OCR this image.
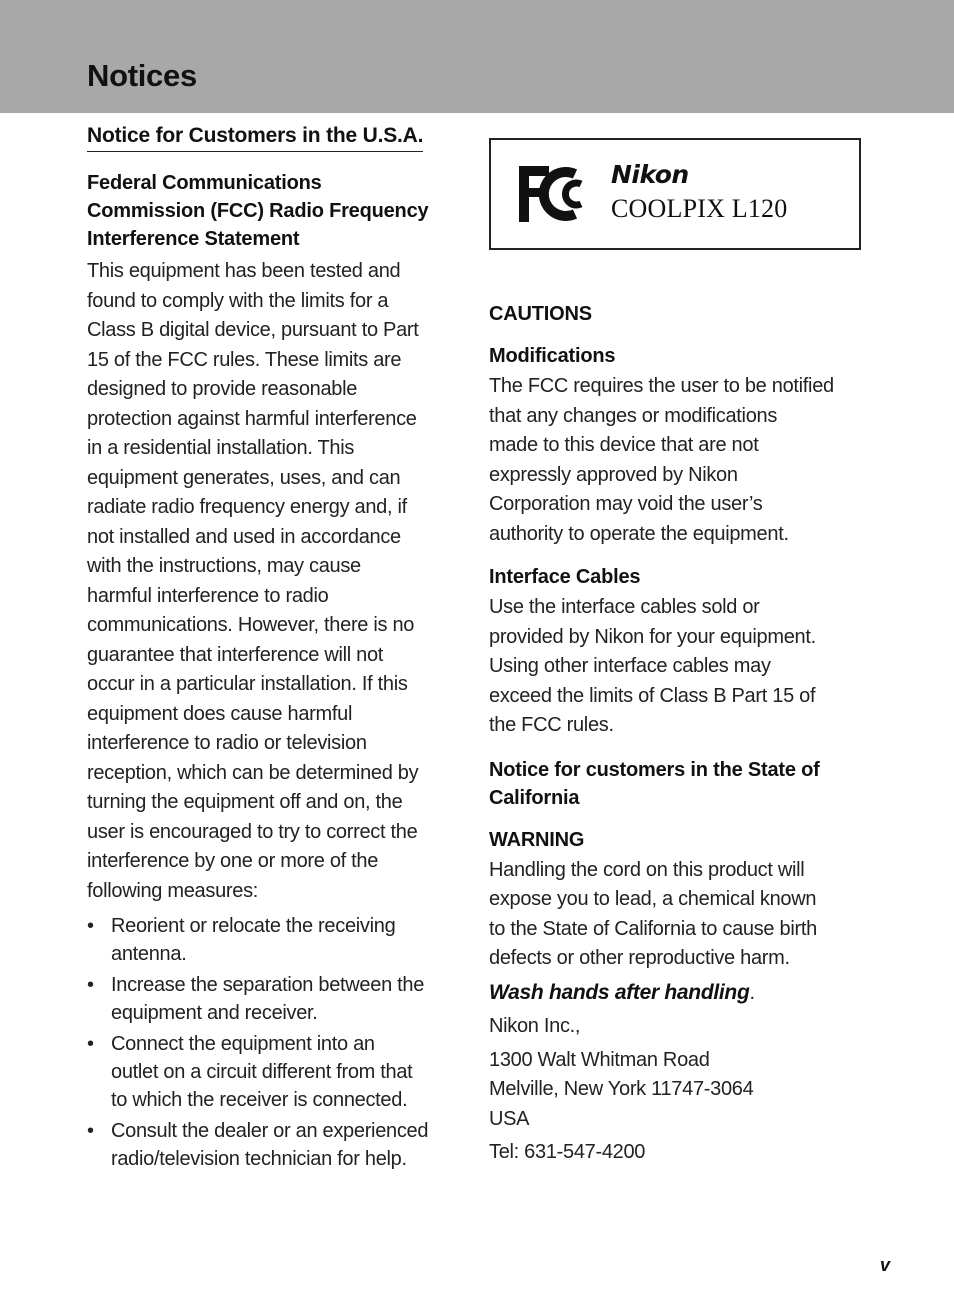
Notices
Notice for Customers in the U.S.A.
Federal Communications
Commission (FCC) Radio Frequency
Interference Statement
This equipment has been tested and
found to comply with the limits for a
Class B digital device, pursuant to Part
15 of the FCC rules. These limits are
designed to provide reasonable
protection against harmful interference
in a residential installation. This
equipment generates, uses, and can
radiate radio frequency energy and, if
not installed and used in accordance
with the instructions, may cause
harmful interference to radio
communications. However, there is no
guarantee that interference will not
occur in a particular installation. If this
equipment does cause harmful
interference to radio or television
reception, which can be determined by
turning the equipment off and on, the
user is encouraged to try to correct the
interference by one or more of the
following measures:
• Reorient or relocate the receiving
antenna.
• Increase the separation between the
equipment and receiver.
• Connect the equipment into an
outlet on a circuit different from that
to which the receiver is connected.
• Consult the dealer or an experienced
radio/television technician for help.
Nikon
COOLPIX L120
CAUTIONS
Modifications
The FCC requires the user to be notified
that any changes or modifications
made to this device that are not
expressly approved by Nikon
Corporation may void the user’s
authority to operate the equipment.
Interface Cables
Use the interface cables sold or
provided by Nikon for your equipment.
Using other interface cables may
exceed the limits of Class B Part 15 of
the FCC rules.
Notice for customers in the State of
California
WARNING
Handling the cord on this product will
expose you to lead, a chemical known
to the State of California to cause birth
defects or other reproductive harm.
Wash hands after handling.
Nikon Inc.,
1300 Walt Whitman Road
Melville, New York 11747-3064
USA
Tel: 631-547-4200
v
